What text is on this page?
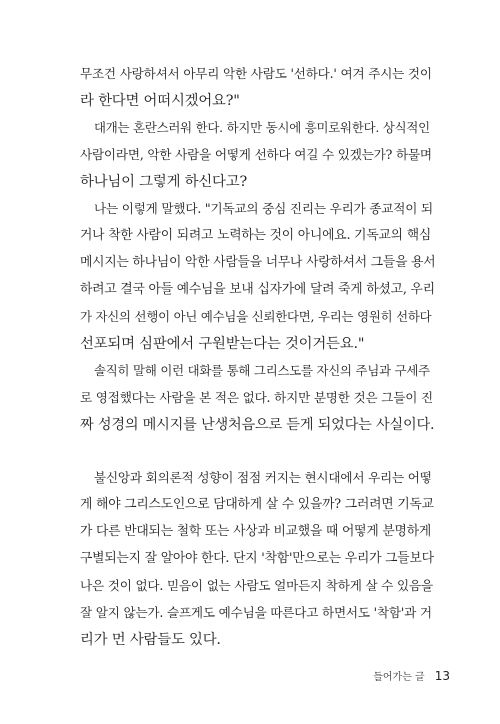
무조건 사랑하셔서 아무리 악한 사람도 '선하다.' 여겨 주시는 것이
라 한다면 어떠시겠어요?"
대개는 혼란스러워 한다. 하지만 동시에 흥미로워한다. 상식적인
사람이라면, 악한 사람을 어떻게 선하다 여길 수 있겠는가? 하물며
하나님이 그렇게 하신다고?
나는 이렇게 말했다. "기독교의 중심 진리는 우리가 종교적이 되
거나 착한 사람이 되려고 노력하는 것이 아니에요. 기독교의 핵심
메시지는 하나님이 악한 사람들을 너무나 사랑하셔서 그들을 용서
하려고 결국 아들 예수님을 보내 십자가에 달려 죽게 하셨고, 우리
가 자신의 선행이 아닌 예수님을 신뢰한다면, 우리는 영원히 선하다
선포되며 심판에서 구원받는다는 것이거든요."
솔직히 말해 이런 대화를 통해 그리스도를 자신의 주님과 구세주
로 영접했다는 사람을 본 적은 없다. 하지만 분명한 것은 그들이 진
짜 성경의 메시지를 난생처음으로 듣게 되었다는 사실이다.
불신앙과 회의론적 성향이 점점 커지는 현시대에서 우리는 어떻
게 해야 그리스도인으로 담대하게 살 수 있을까? 그러려면 기독교
가 다른 반대되는 철학 또는 사상과 비교했을 때 어떻게 분명하게
구별되는지 잘 알아야 한다. 단지 '착함'만으로는 우리가 그들보다
나은 것이 없다. 믿음이 없는 사람도 얼마든지 착하게 살 수 있음을
잘 알지 않는가. 슬프게도 예수님을 따른다고 하면서도 '착함'과 거
리가 먼 사람들도 있다.
들어가는 글 13
